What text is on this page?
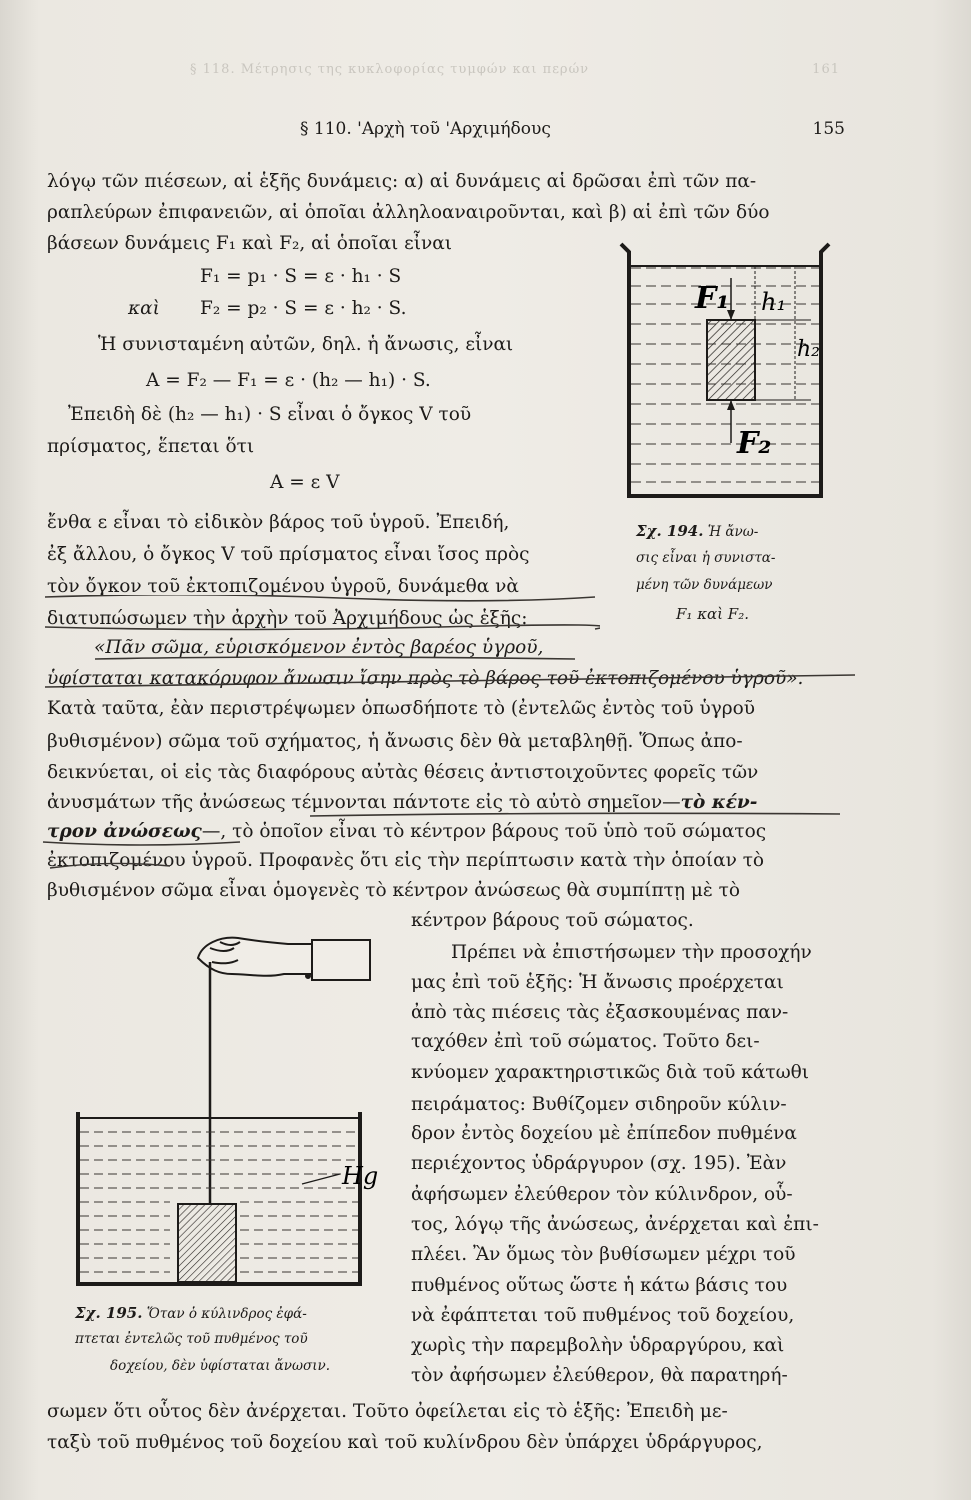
§ 118. Μέτρησις της κυκλοφορίας τυμφών και περών	161
§ 110. 'Αρχὴ τοῦ 'Αρχιμήδους	155
λόγῳ τῶν πιέσεων, αἱ ἑξῆς δυνάμεις: α) αἱ δυνάμεις αἱ δρῶσαι ἐπὶ τῶν πα-
ραπλεύρων ἐπιφανειῶν, αἱ ὁποῖαι ἀλληλοαναιροῦνται, καὶ β) αἱ ἐπὶ τῶν δύο
βάσεων δυνάμεις F₁ καὶ F₂, αἱ ὁποῖαι εἶναι
F₁ = p₁ · S = ε · h₁ · S
καὶ F₂ = p₂ · S = ε · h₂ · S.
Ἡ συνισταμένη αὐτῶν, δηλ. ἡ ἄνωσις, εἶναι
A = F₂ — F₁ = ε · (h₂ — h₁) · S.
Ἐπειδὴ δὲ (h₂ — h₁) · S εἶναι ὁ ὄγκος V τοῦ
πρίσματος, ἕπεται ὅτι
A = ε V
ἔνθα ε εἶναι τὸ εἰδικὸν βάρος τοῦ ὑγροῦ. Ἐπειδή,
ἐξ ἄλλου, ὁ ὄγκος V τοῦ πρίσματος εἶναι ἴσος πρὸς
τὸν ὄγκον τοῦ ἐκτοπιζομένου ὑγροῦ, δυνάμεθα νὰ
διατυπώσωμεν τὴν ἀρχὴν τοῦ Ἀρχιμήδους ὡς ἑξῆς:
F₁ h₁
h₂
F₂
Σχ. 194. Ἡ ἄνω-
σις εἶναι ἡ συνιστα-
μένη τῶν δυνάμεων
F₁ καὶ F₂.
«Πᾶν σῶμα, εὑρισκόμενον ἐντὸς βαρέος ὑγροῦ,
ὑφίσταται κατακόρυφον ἄνωσιν ἴσην πρὸς τὸ βάρος τοῦ ἐκτοπιζομένου ὑγροῦ».
Κατὰ ταῦτα, ἐὰν περιστρέψωμεν ὁπωσδήποτε τὸ (ἐντελῶς ἐντὸς τοῦ ὑγροῦ
βυθισμένον) σῶμα τοῦ σχήματος, ἡ ἄνωσις δὲν θὰ μεταβληθῇ. Ὅπως ἀπο-
δεικνύεται, οἱ εἰς τὰς διαφόρους αὐτὰς θέσεις ἀντιστοιχοῦντες φορεῖς τῶν
ἀνυσμάτων τῆς ἀνώσεως τέμνονται πάντοτε εἰς τὸ αὐτὸ σημεῖον—τὸ κέν-
τρον ἀνώσεως—, τὸ ὁποῖον εἶναι τὸ κέντρον βάρους τοῦ ὑπὸ τοῦ σώματος
ἐκτοπιζομένου ὑγροῦ. Προφανὲς ὅτι εἰς τὴν περίπτωσιν κατὰ τὴν ὁποίαν τὸ
βυθισμένον σῶμα εἶναι ὁμογενὲς τὸ κέντρον ἀνώσεως θὰ συμπίπτῃ μὲ τὸ
κέντρον βάρους τοῦ σώματος.
Πρέπει νὰ ἐπιστήσωμεν τὴν προσοχήν
μας ἐπὶ τοῦ ἑξῆς: Ἡ ἄνωσις προέρχεται
ἀπὸ τὰς πιέσεις τὰς ἐξασκουμένας παν-
ταχόθεν ἐπὶ τοῦ σώματος. Τοῦτο δει-
κνύομεν χαρακτηριστικῶς διὰ τοῦ κάτωθι
πειράματος: Βυθίζομεν σιδηροῦν κύλιν-
δρον ἐντὸς δοχείου μὲ ἐπίπεδον πυθμένα
περιέχοντος ὑδράργυρον (σχ. 195). Ἐὰν
ἀφήσωμεν ἐλεύθερον τὸν κύλινδρον, οὗ-
τος, λόγῳ τῆς ἀνώσεως, ἀνέρχεται καὶ ἐπι-
πλέει. Ἂν ὅμως τὸν βυθίσωμεν μέχρι τοῦ
πυθμένος οὕτως ὥστε ἡ κάτω βάσις του
νὰ ἐφάπτεται τοῦ πυθμένος τοῦ δοχείου,
χωρὶς τὴν παρεμβολὴν ὑδραργύρου, καὶ
τὸν ἀφήσωμεν ἐλεύθερον, θὰ παρατηρή-
Hg
Σχ. 195. Ὅταν ὁ κύλινδρος ἐφά-
πτεται ἐντελῶς τοῦ πυθμένος τοῦ
δοχείου, δὲν ὑφίσταται ἄνωσιν.
σωμεν ὅτι οὗτος δὲν ἀνέρχεται. Τοῦτο ὀφείλεται εἰς τὸ ἑξῆς: Ἐπειδὴ με-
ταξὺ τοῦ πυθμένος τοῦ δοχείου καὶ τοῦ κυλίνδρου δὲν ὑπάρχει ὑδράργυρος,
